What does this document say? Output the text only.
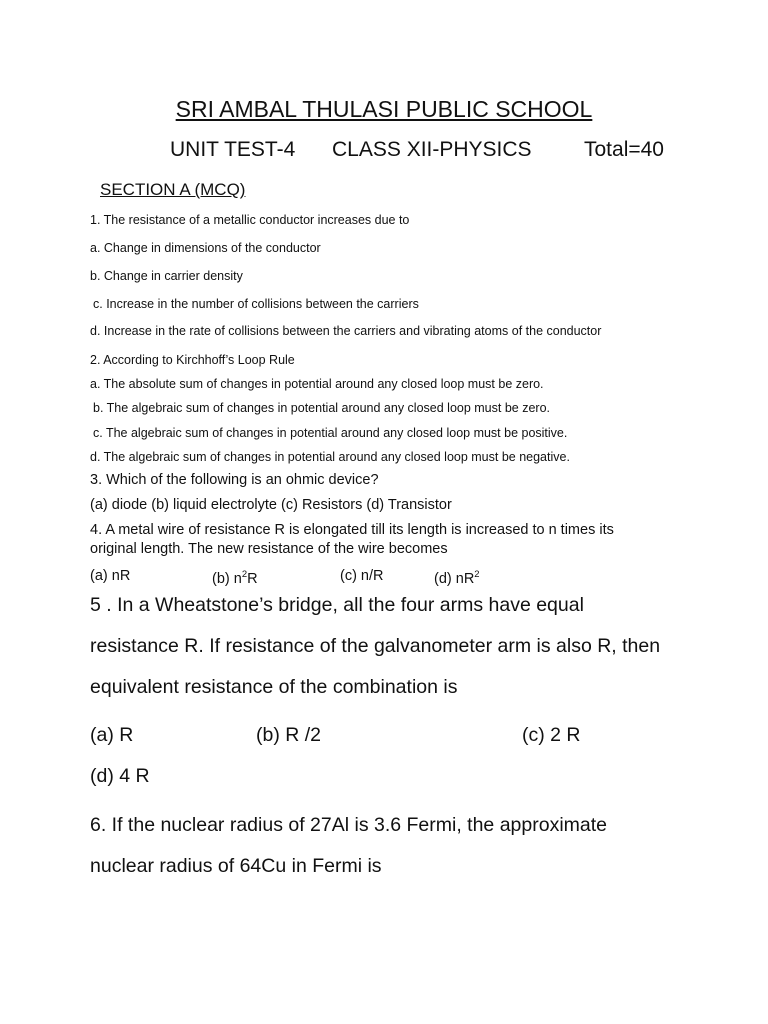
SRI AMBAL THULASI PUBLIC SCHOOL
UNIT TEST-4 CLASS XII-PHYSICS Total=40
SECTION A (MCQ)
1. The resistance of a metallic conductor increases due to
a. Change in dimensions of the conductor
b. Change in carrier density
c. Increase in the number of collisions between the carriers
d. Increase in the rate of collisions between the carriers and vibrating atoms of the conductor
2. According to Kirchhoff’s Loop Rule
a. The absolute sum of changes in potential around any closed loop must be zero.
b. The algebraic sum of changes in potential around any closed loop must be zero.
c. The algebraic sum of changes in potential around any closed loop must be positive.
d. The algebraic sum of changes in potential around any closed loop must be negative.
3. Which of the following is an ohmic device?
(a) diode (b) liquid electrolyte (c) Resistors (d) Transistor
4. A metal wire of resistance R is elongated till its length is increased to n times its
original length. The new resistance of the wire becomes
(a) nR	(b) $n^2R$	(c) n/R	(d) $nR^2$
5 . In a Wheatstone’s bridge, all the four arms have equal
resistance R. If resistance of the galvanometer arm is also R, then
equivalent resistance of the combination is
(a) R	(b) R /2	(c) 2 R
(d) 4 R
6. If the nuclear radius of 27Al is 3.6 Fermi, the approximate
nuclear radius of 64Cu in Fermi is
